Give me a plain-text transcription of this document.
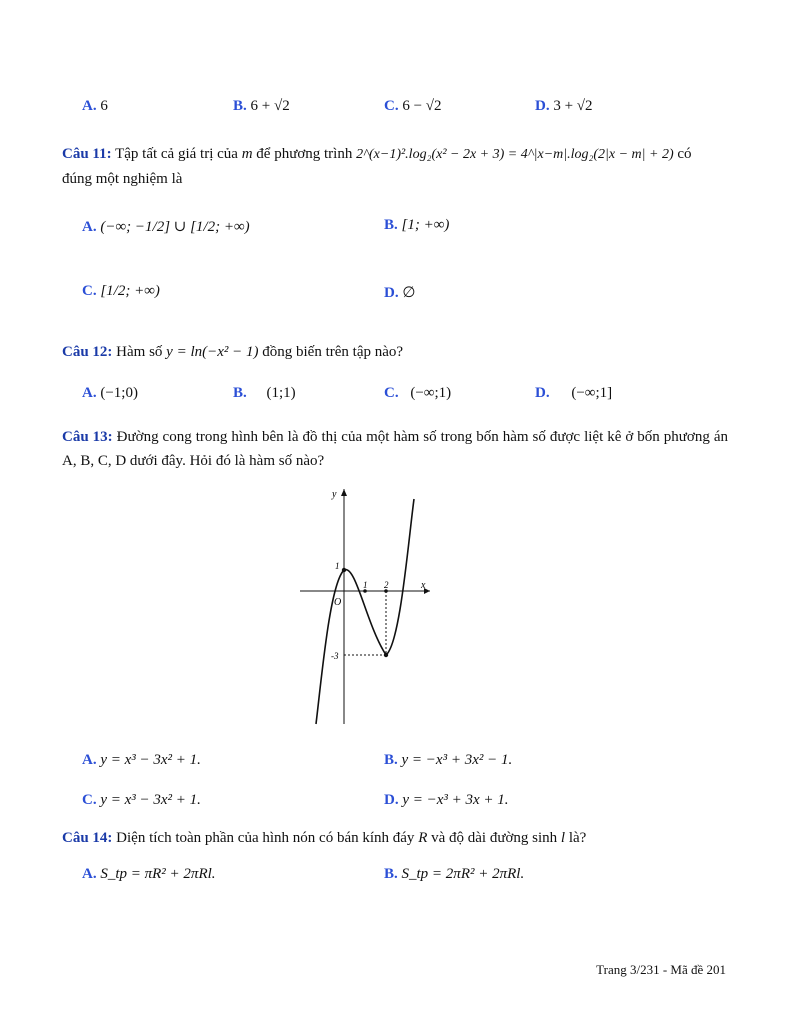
A. 6	B. 6 + √2	C. 6 − √2	D. 3 + √2
Câu 11: Tập tất cả giá trị của m để phương trình 2^(x−1)².log₂(x² − 2x + 3) = 4^|x−m|.log₂(2|x − m| + 2) có
đúng một nghiệm là
A. (−∞; −1/2] ∪ [1/2; +∞)	B. [1; +∞)
C. [1/2; +∞)	D. ∅
Câu 12: Hàm số y = ln(−x² − 1) đồng biến trên tập nào?
A. (−1;0)	B. (1;1)	C. (−∞;1)	D. (−∞;1]
Câu 13: Đường cong trong hình bên là đồ thị của một hàm số trong bốn hàm số được liệt kê ở bốn phương án A, B, C, D dưới đây. Hỏi đó là hàm số nào?
y
x
O
1 2
1
-3
A. y = x³ − 3x² + 1.	B. y = −x³ + 3x² − 1.
C. y = x³ − 3x² + 1.	D. y = −x³ + 3x + 1.
Câu 14: Diện tích toàn phần của hình nón có bán kính đáy R và độ dài đường sinh l là?
A. S_tp = πR² + 2πRl.	B. S_tp = 2πR² + 2πRl.
Trang 3/231 - Mã đề 201
